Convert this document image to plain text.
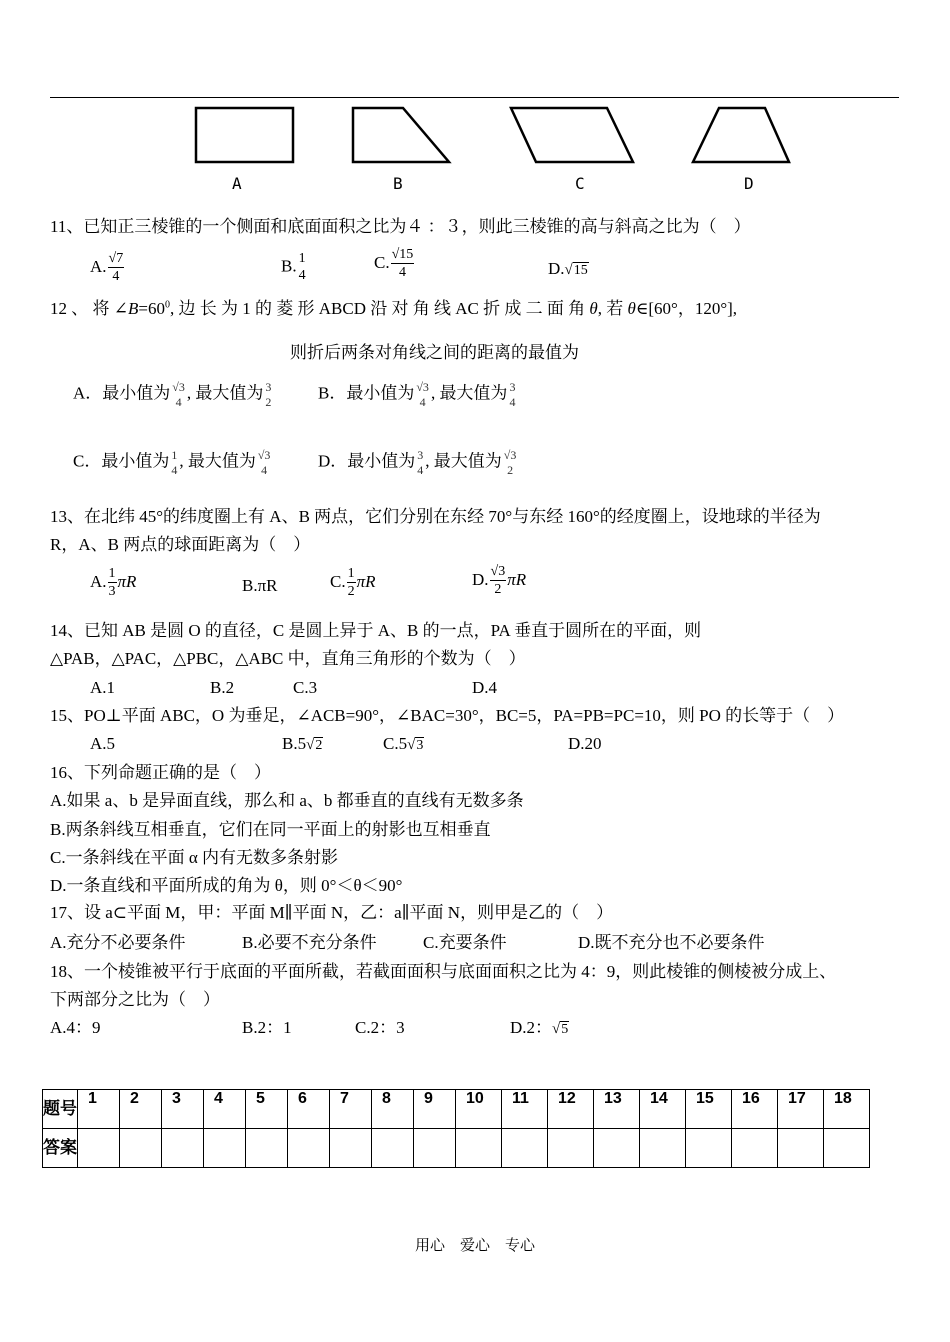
A	B	C	D
11、已知正三棱锥的一个侧面和底面面积之比为４ ：３，则此三棱锥的高与斜高之比为（　）
A. $\frac{√7}{4}$	B. 1
4
C. $\frac{√15}{4}$	D.√15
12 、 将 $\angle B=60^0$, 边 长 为 1 的 菱 形 ABCD 沿 对 角 线 AC 折 成 二 面 角 θ, 若 θ∈[60°，120°],
则折后两条对角线之间的距离的最值为
A．最小值为 √3
4 , 最大值为 3
2	B．最小值为 √3
4 , 最大值为 3
4
C．最小值为 1
4 , 最大值为 √3
4	D．最小值为 3
4 , 最大值为 √3
2
13、在北纬 45°的纬度圈上有 A、B 两点，它们分别在东经 70°与东经 160°的经度圈上，设地球的半径为
R，A、B 两点的球面距离为（　）
A. $\frac{1}{3}$ πR	B.πR	C. $\frac{1}{2}$ πR	D. $\frac{√3}{2}$ πR
14、已知 AB 是圆 O 的直径，C 是圆上异于 A、B 的一点，PA 垂直于圆所在的平面，则
△PAB，△PAC，△PBC，△ABC 中，直角三角形的个数为（　）
A.1	B.2	C.3	D.4
15、PO⊥平面 ABC，O 为垂足，∠ACB=90°，∠BAC=30°，BC=5，PA=PB=PC=10，则 PO 的长等于（　）
A.5	B.5√2	C.5√3	D.20
16、下列命题正确的是（　）
A.如果 a、b 是异面直线，那么和 a、b 都垂直的直线有无数多条
B.两条斜线互相垂直，它们在同一平面上的射影也互相垂直
C.一条斜线在平面 α 内有无数多条射影
D.一条直线和平面所成的角为 θ，则 0°＜θ＜90°
17、设 a⊂平面 M，甲：平面 M∥平面 N，乙：a∥平面 N，则甲是乙的（　）
A.充分不必要条件	B.必要不充分条件	C.充要条件	D.既不充分也不必要条件
18、一个棱锥被平行于底面的平面所截，若截面面积与底面面积之比为 4：9，则此棱锥的侧棱被分成上、
下两部分之比为（　）
A.4：9	B.2：1	C.2：3	D.2：√5
题号	1	2	3	4	5	6	7	8	9	10	11	12	13	14	15	16	17	18
答案																		
用心　爱心　专心
